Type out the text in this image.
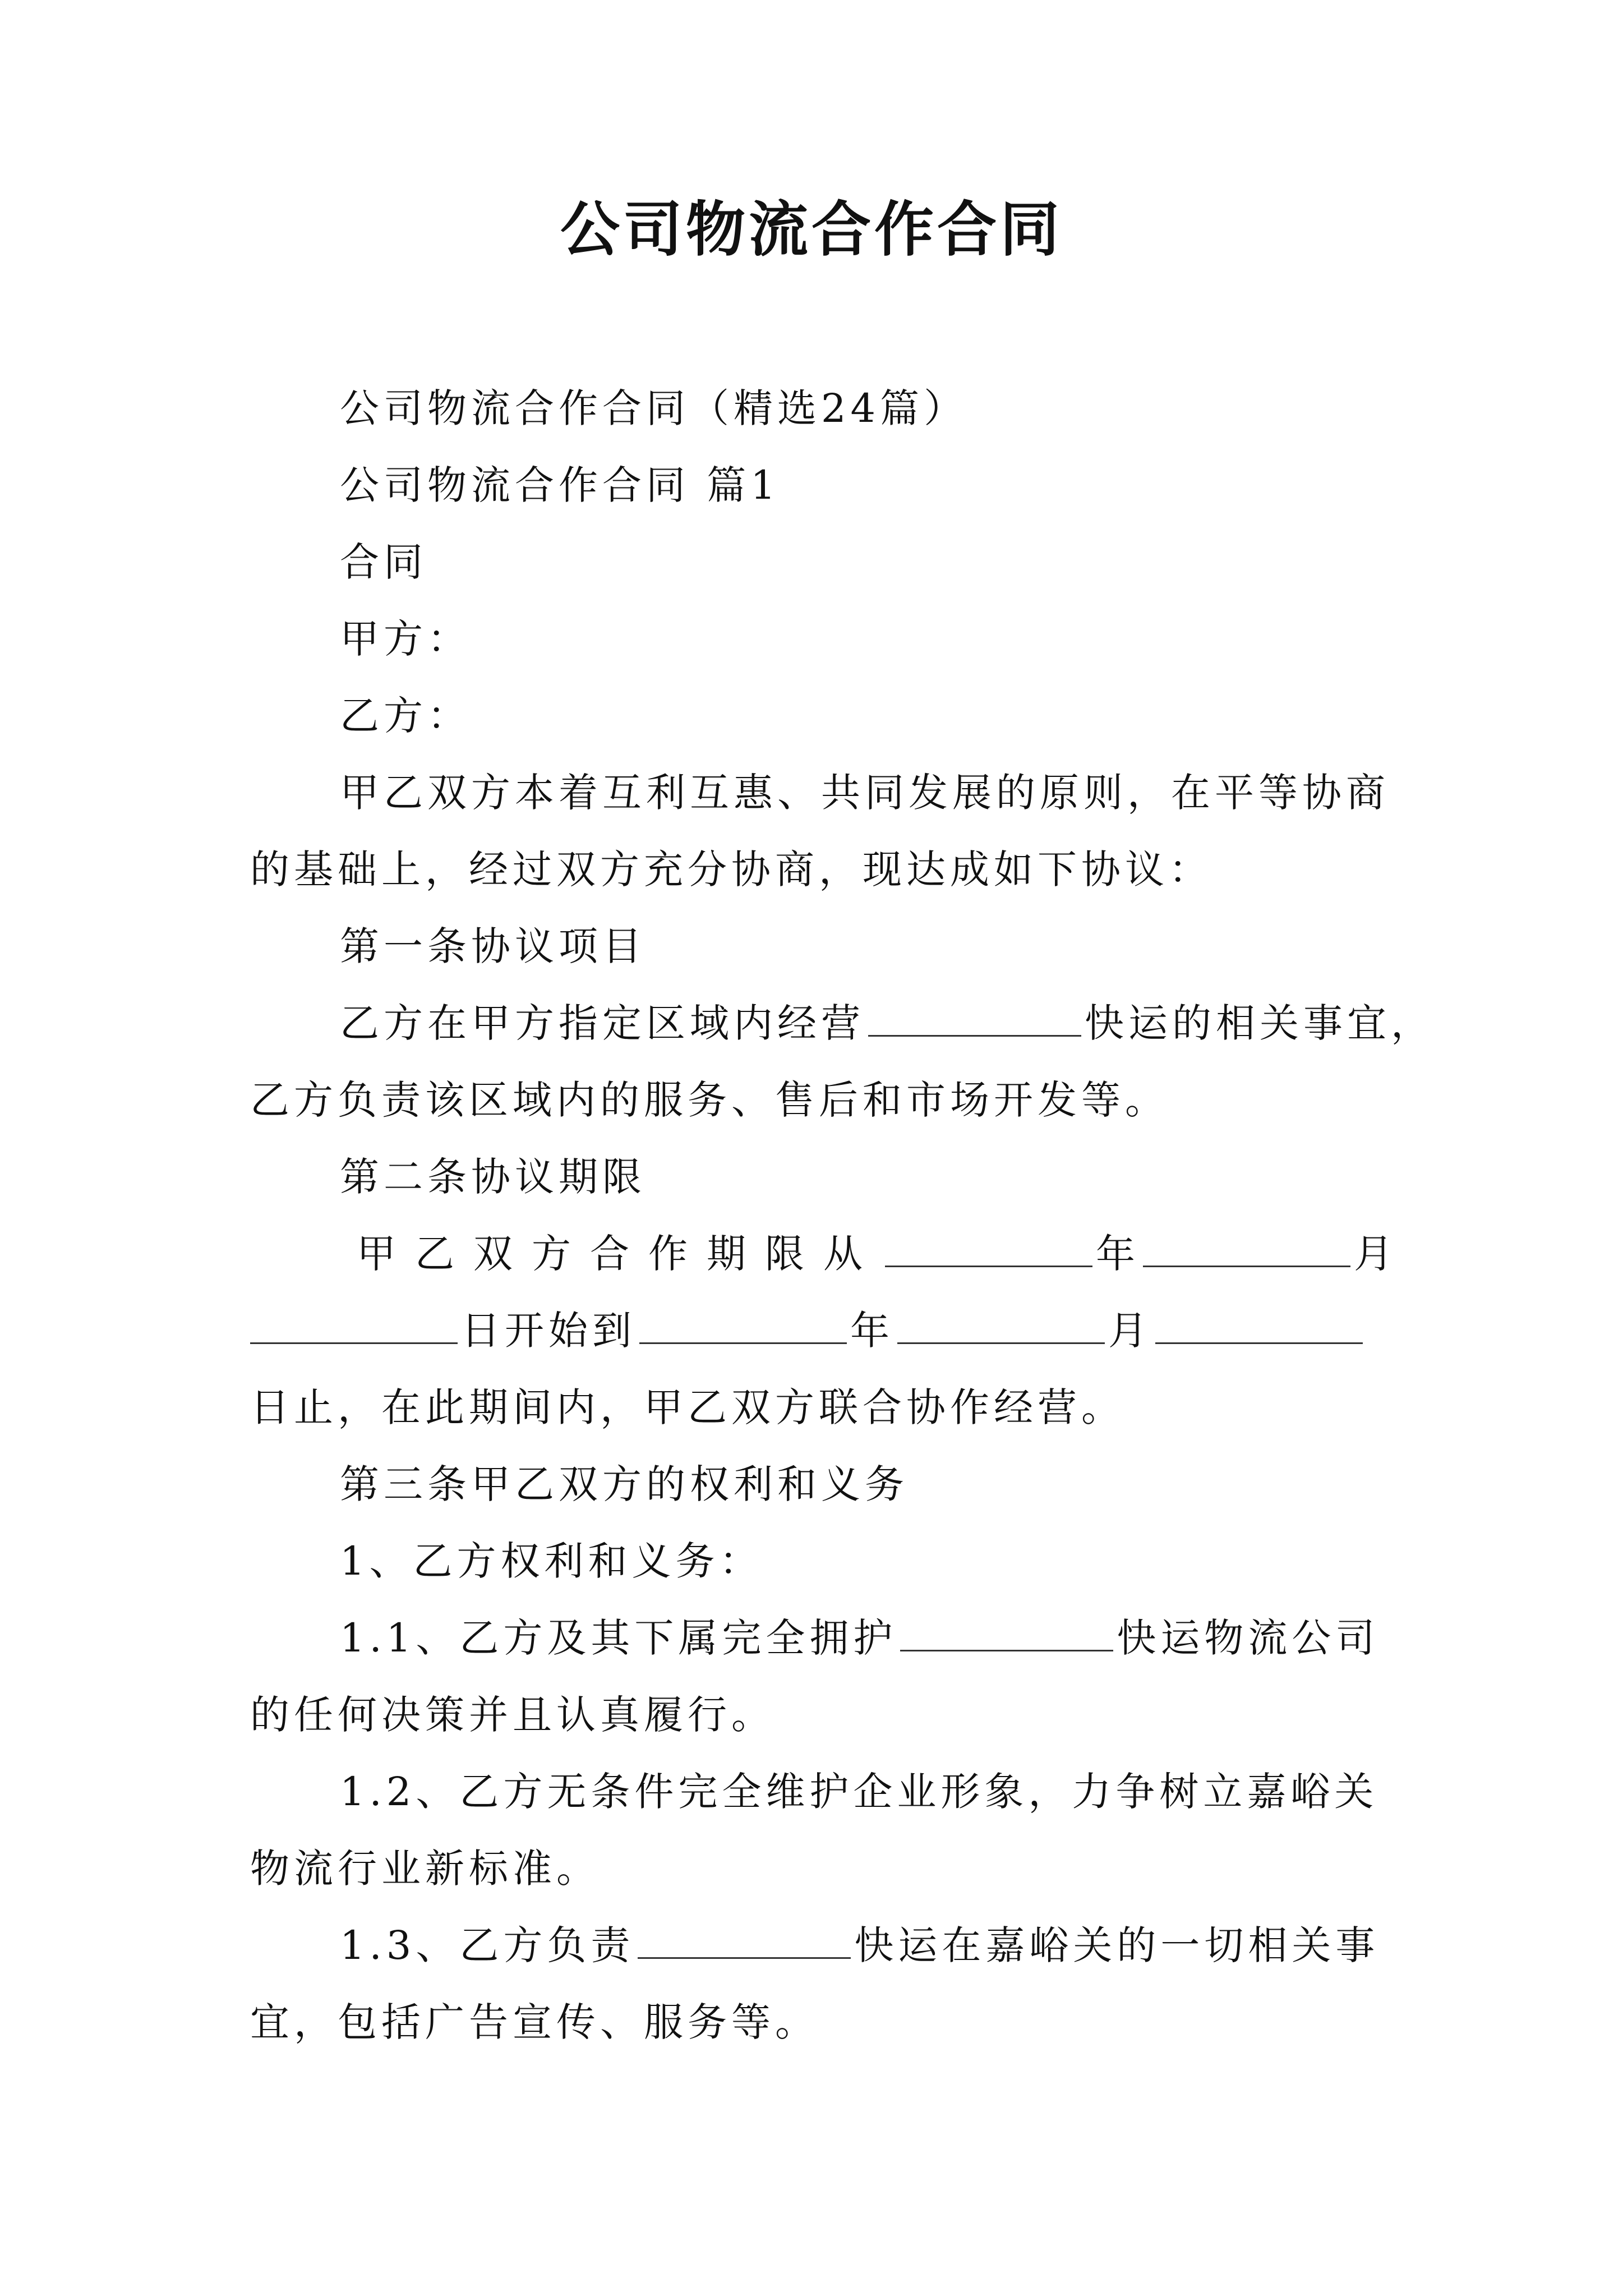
公司物流合作合同

公司物流合作合同（精选24篇）

公司物流合作合同 篇1

合同

甲方：

乙方：

甲乙双方本着互利互惠、共同发展的原则，在平等协商

的基础上，经过双方充分协商，现达成如下协议：

第一条协议项目

乙方在甲方指定区域内经营	快运的相关事宜，

乙方负责该区域内的服务、售后和市场开发等。

第二条协议期限

甲乙双方合作期限从	年	月

日开始到	年	月

日止，在此期间内，甲乙双方联合协作经营。

第三条甲乙双方的权利和义务

1、乙方权利和义务：

1.1、乙方及其下属完全拥护	快运物流公司

的任何决策并且认真履行。

1.2、乙方无条件完全维护企业形象，力争树立嘉峪关

物流行业新标准。

1.3、乙方负责	快运在嘉峪关的一切相关事

宜，包括广告宣传、服务等。
